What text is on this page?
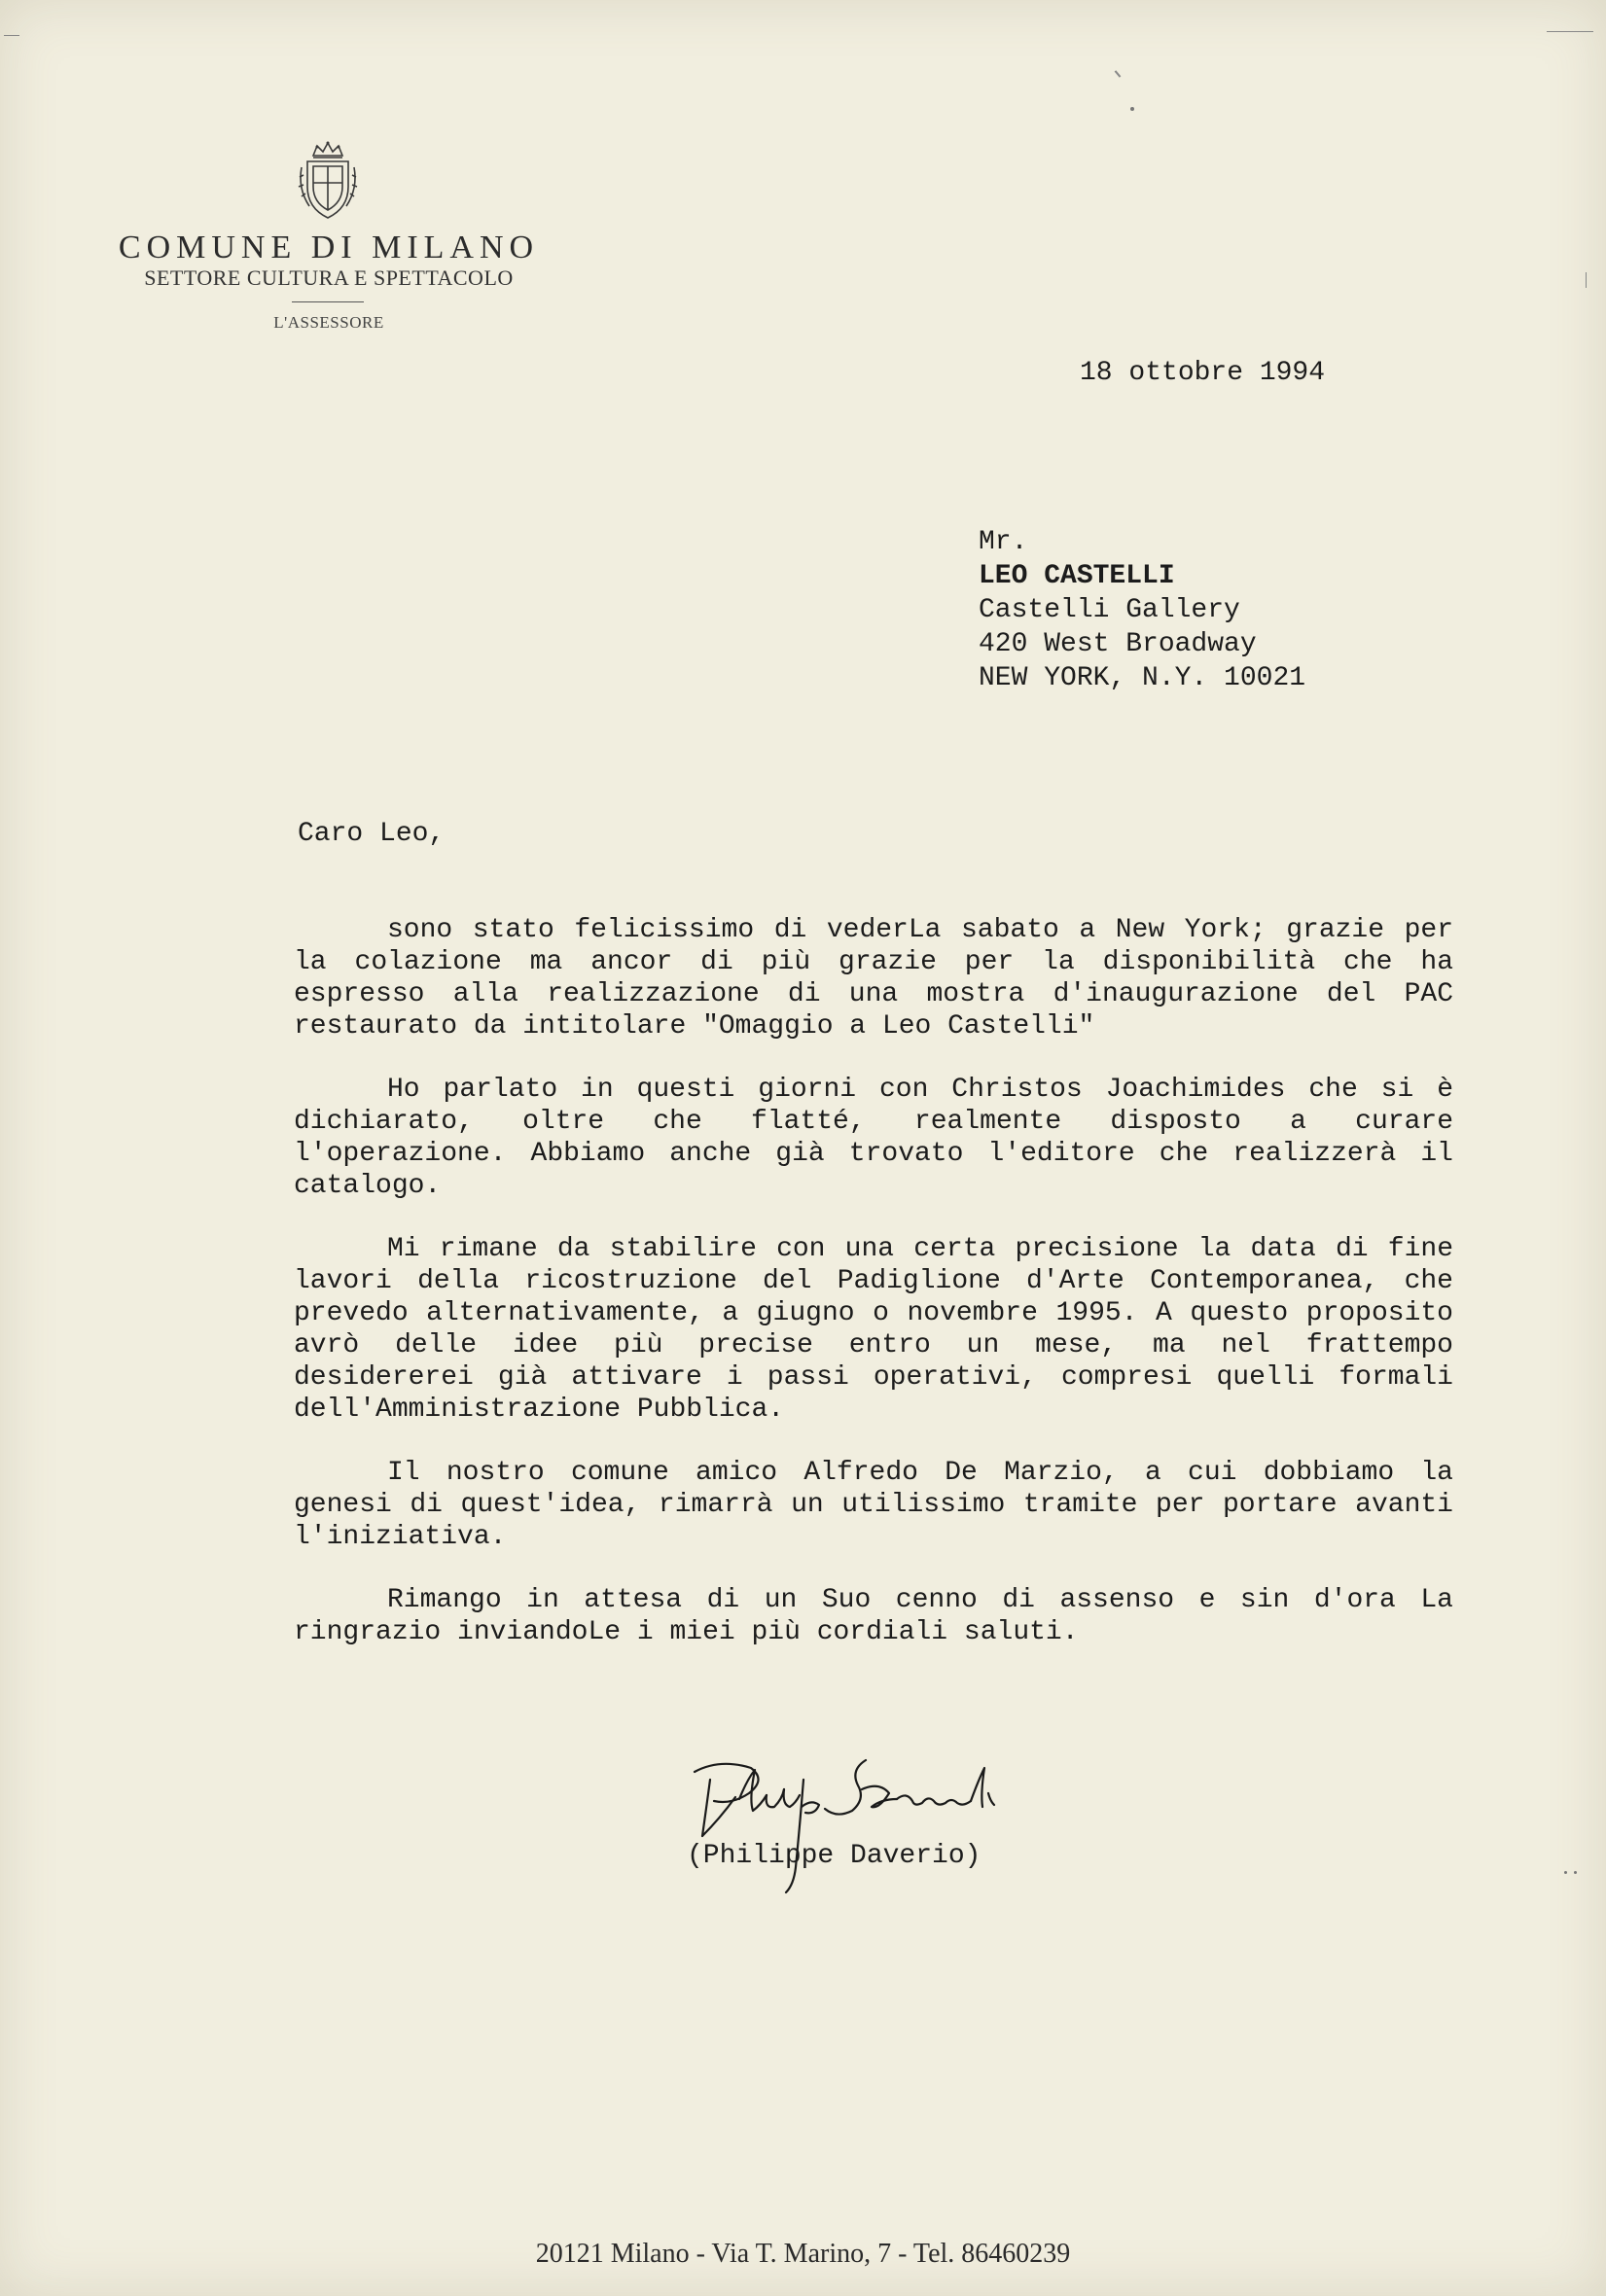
COMUNE DI MILANO
SETTORE CULTURA E SPETTACOLO
L'ASSESSORE
18 ottobre 1994
Mr.
LEO CASTELLI
Castelli Gallery
420 West Broadway
NEW YORK, N.Y. 10021
Caro Leo,

sono stato felicissimo di vederLa sabato a New York; grazie per la colazione ma ancor di più grazie per la disponibilità che ha espresso alla realizzazione di una mostra d'inaugurazione del PAC restaurato da intitolare "Omaggio a Leo Castelli"

Ho parlato in questi giorni con Christos Joachimides che si è dichiarato, oltre che flatté, realmente disposto a curare l'operazione. Abbiamo anche già trovato l'editore che realizzerà il catalogo.

Mi rimane da stabilire con una certa precisione la data di fine lavori della ricostruzione del Padiglione d'Arte Contemporanea, che prevedo alternativamente, a giugno o novembre 1995. A questo proposito avrò delle idee più precise entro un mese, ma nel frattempo desidererei già attivare i passi operativi, compresi quelli formali dell'Amministrazione Pubblica.

Il nostro comune amico Alfredo De Marzio, a cui dobbiamo la genesi di quest'idea, rimarrà un utilissimo tramite per portare avanti l'iniziativa.

Rimango in attesa di un Suo cenno di assenso e sin d'ora La ringrazio inviandoLe i miei più cordiali saluti.

(Philippe Daverio)
20121 Milano - Via T. Marino, 7 - Tel. 86460239
